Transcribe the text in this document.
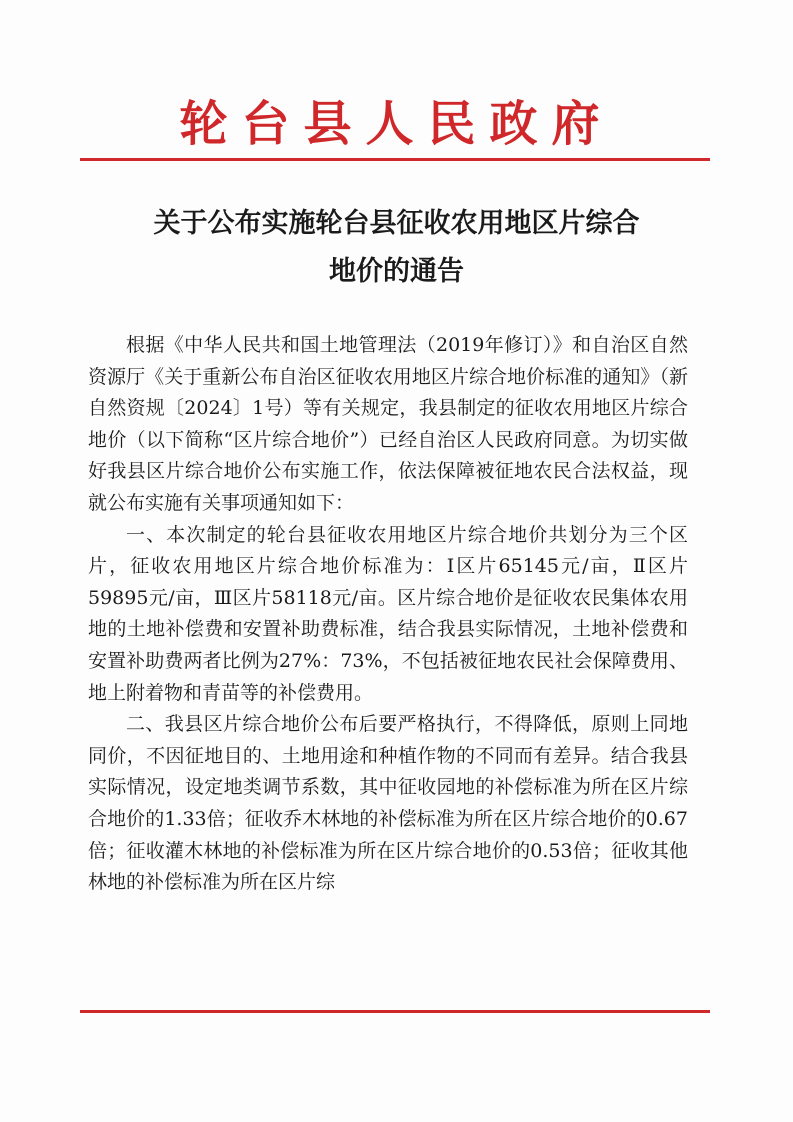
轮台县人民政府
关于公布实施轮台县征收农用地区片综合
地价的通告

根据《中华人民共和国土地管理法（2019年修订）》和自治区自然资源厅《关于重新公布自治区征收农用地区片综合地价标准的通知》（新自然资规〔2024〕1号）等有关规定，我县制定的征收农用地区片综合地价（以下简称“区片综合地价”）已经自治区人民政府同意。为切实做好我县区片综合地价公布实施工作，依法保障被征地农民合法权益，现就公布实施有关事项通知如下：

一、本次制定的轮台县征收农用地区片综合地价共划分为三个区片，征收农用地区片综合地价标准为：Ⅰ区片65145元/亩，Ⅱ区片59895元/亩，Ⅲ区片58118元/亩。区片综合地价是征收农民集体农用地的土地补偿费和安置补助费标准，结合我县实际情况，土地补偿费和安置补助费两者比例为27%：73%，不包括被征地农民社会保障费用、地上附着物和青苗等的补偿费用。

二、我县区片综合地价公布后要严格执行，不得降低，原则上同地同价，不因征地目的、土地用途和种植作物的不同而有差异。结合我县实际情况，设定地类调节系数，其中征收园地的补偿标准为所在区片综合地价的1.33倍；征收乔木林地的补偿标准为所在区片综合地价的0.67倍；征收灌木林地的补偿标准为所在区片综合地价的0.53倍；征收其他林地的补偿标准为所在区片综
